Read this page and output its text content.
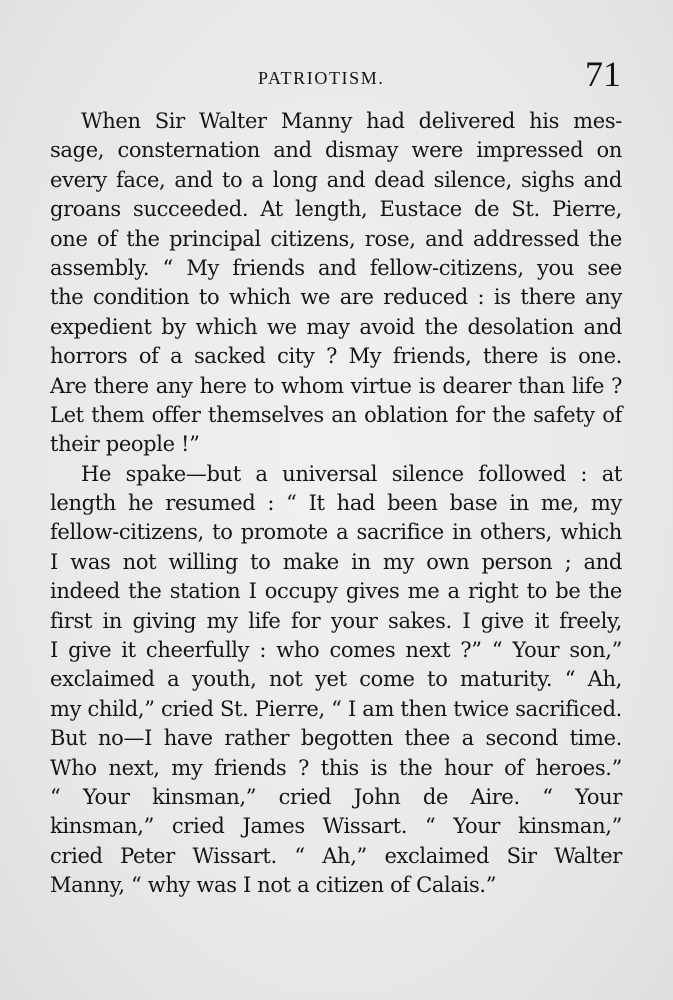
PATRIOTISM.	71
When Sir Walter Manny had delivered his mes-
sage, consternation and dismay were impressed on
every face, and to a long and dead silence, sighs and
groans succeeded. At length, Eustace de St. Pierre,
one of the principal citizens, rose, and addressed the
assembly. “ My friends and fellow-citizens, you see
the condition to which we are reduced : is there any
expedient by which we may avoid the desolation and
horrors of a sacked city ? My friends, there is one.
Are there any here to whom virtue is dearer than life ?
Let them offer themselves an oblation for the safety of
their people !”
He spake—but a universal silence followed : at
length he resumed : “ It had been base in me, my
fellow-citizens, to promote a sacrifice in others, which
I was not willing to make in my own person ; and
indeed the station I occupy gives me a right to be the
first in giving my life for your sakes. I give it freely,
I give it cheerfully : who comes next ?” “ Your son,”
exclaimed a youth, not yet come to maturity. “ Ah,
my child,” cried St. Pierre, “ I am then twice sacrificed.
But no—I have rather begotten thee a second time.
Who next, my friends ? this is the hour of heroes.”
“ Your kinsman,” cried John de Aire. “ Your
kinsman,” cried James Wissart. “ Your kinsman,”
cried Peter Wissart. “ Ah,” exclaimed Sir Walter
Manny, “ why was I not a citizen of Calais.”
